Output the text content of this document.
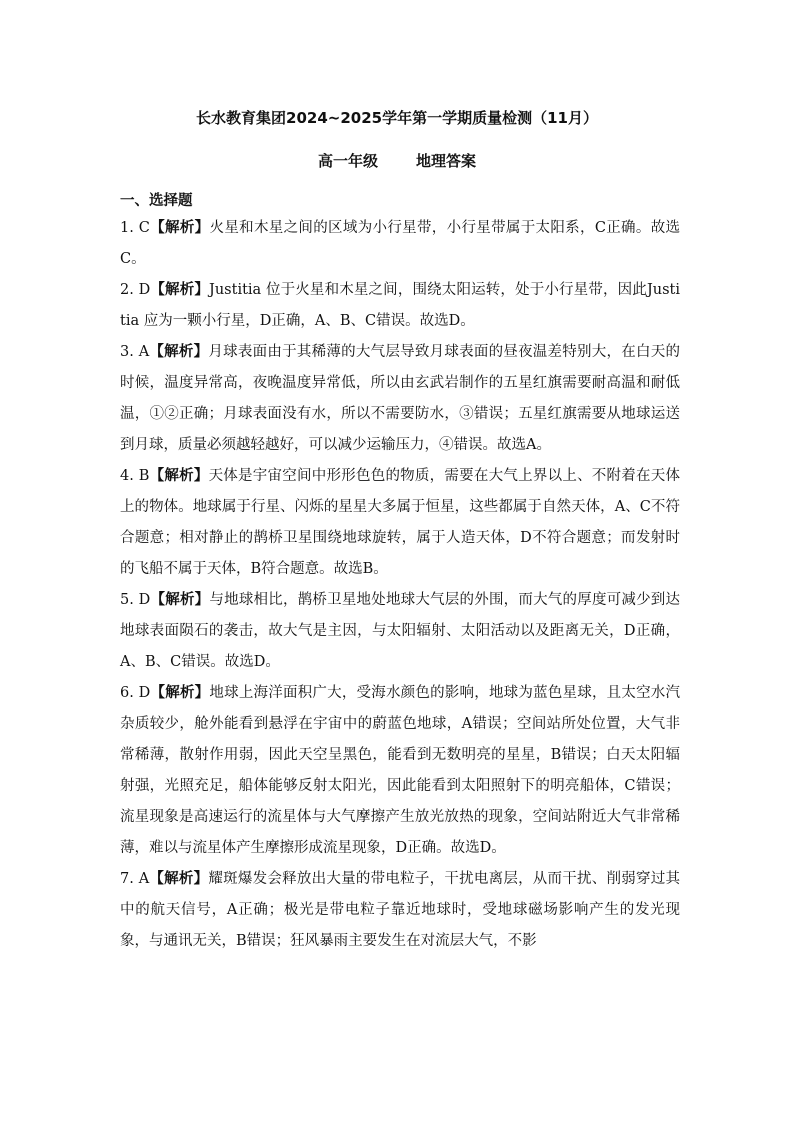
长水教育集团2024~2025学年第一学期质量检测（11月）
高一年级	地理答案
一、选择题
1. C【解析】火星和木星之间的区域为小行星带，小行星带属于太阳系，C正确。故选C。
2. D【解析】Justitia 位于火星和木星之间，围绕太阳运转，处于小行星带，因此Justitia 应为一颗小行星，D正确，A、B、C错误。故选D。
3. A【解析】月球表面由于其稀薄的大气层导致月球表面的昼夜温差特别大，在白天的时候，温度异常高，夜晚温度异常低，所以由玄武岩制作的五星红旗需要耐高温和耐低温，①②正确；月球表面没有水，所以不需要防水，③错误；五星红旗需要从地球运送到月球，质量必须越轻越好，可以减少运输压力，④错误。故选A。
4. B【解析】天体是宇宙空间中形形色色的物质，需要在大气上界以上、不附着在天体上的物体。地球属于行星、闪烁的星星大多属于恒星，这些都属于自然天体，A、C不符合题意；相对静止的鹊桥卫星围绕地球旋转，属于人造天体，D不符合题意；而发射时的飞船不属于天体，B符合题意。故选B。
5. D【解析】与地球相比，鹊桥卫星地处地球大气层的外围，而大气的厚度可减少到达地球表面陨石的袭击，故大气是主因，与太阳辐射、太阳活动以及距离无关，D正确，A、B、C错误。故选D。
6. D【解析】地球上海洋面积广大，受海水颜色的影响，地球为蓝色星球，且太空水汽杂质较少，舱外能看到悬浮在宇宙中的蔚蓝色地球，A错误；空间站所处位置，大气非常稀薄，散射作用弱，因此天空呈黑色，能看到无数明亮的星星，B错误；白天太阳辐射强，光照充足，船体能够反射太阳光，因此能看到太阳照射下的明亮船体，C错误；流星现象是高速运行的流星体与大气摩擦产生放光放热的现象，空间站附近大气非常稀薄，难以与流星体产生摩擦形成流星现象，D正确。故选D。
7. A【解析】耀斑爆发会释放出大量的带电粒子，干扰电离层，从而干扰、削弱穿过其中的航天信号，A正确；极光是带电粒子靠近地球时，受地球磁场影响产生的发光现象，与通讯无关，B错误；狂风暴雨主要发生在对流层大气，不影
